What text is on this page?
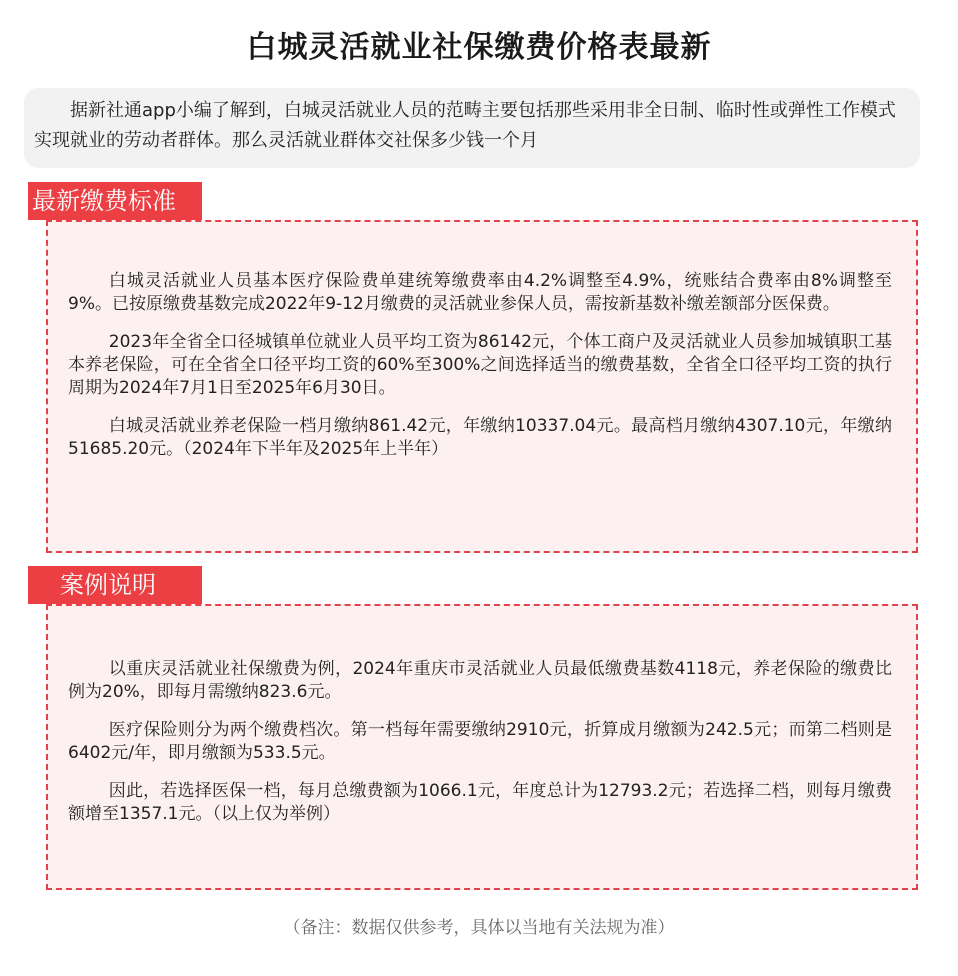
白城灵活就业社保缴费价格表最新
据新社通app小编了解到，白城灵活就业人员的范畴主要包括那些采用非全日制、临时性或弹性工作模式实现就业的劳动者群体。那么灵活就业群体交社保多少钱一个月
最新缴费标准

白城灵活就业人员基本医疗保险费单建统筹缴费率由4.2%调整至4.9%，统账结合费率由8%调整至9%。已按原缴费基数完成2022年9-12月缴费的灵活就业参保人员，需按新基数补缴差额部分医保费。

2023年全省全口径城镇单位就业人员平均工资为86142元，个体工商户及灵活就业人员参加城镇职工基本养老保险，可在全省全口径平均工资的60%至300%之间选择适当的缴费基数，全省全口径平均工资的执行周期为2024年7月1日至2025年6月30日。

白城灵活就业养老保险一档月缴纳861.42元，年缴纳10337.04元。最高档月缴纳4307.10元，年缴纳51685.20元。（2024年下半年及2025年上半年）

案例说明

以重庆灵活就业社保缴费为例，2024年重庆市灵活就业人员最低缴费基数4118元，养老保险的缴费比例为20%，即每月需缴纳823.6元。

医疗保险则分为两个缴费档次。第一档每年需要缴纳2910元，折算成月缴额为242.5元；而第二档则是6402元/年，即月缴额为533.5元。

因此，若选择医保一档，每月总缴费额为1066.1元，年度总计为12793.2元；若选择二档，则每月缴费额增至1357.1元。（以上仅为举例）

（备注：数据仅供参考，具体以当地有关法规为准）
